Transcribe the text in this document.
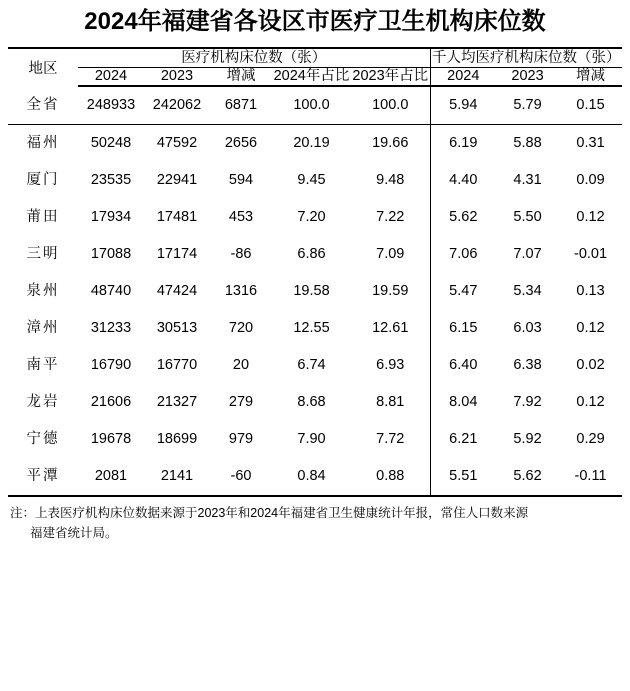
2024年福建省各设区市医疗卫生机构床位数
地区	医疗机构床位数（张）					千人均医疗机构床位数（张）		
	2024	2023	增减	2024年占比	2023年占比	2024	2023	增减
全省	248933	242062	6871	100.0	100.0	5.94	5.79	0.15
福州	50248	47592	2656	20.19	19.66	6.19	5.88	0.31
厦门	23535	22941	594	9.45	9.48	4.40	4.31	0.09
莆田	17934	17481	453	7.20	7.22	5.62	5.50	0.12
三明	17088	17174	-86	6.86	7.09	7.06	7.07	-0.01
泉州	48740	47424	1316	19.58	19.59	5.47	5.34	0.13
漳州	31233	30513	720	12.55	12.61	6.15	6.03	0.12
南平	16790	16770	20	6.74	6.93	6.40	6.38	0.02
龙岩	21606	21327	279	8.68	8.81	8.04	7.92	0.12
宁德	19678	18699	979	7.90	7.72	6.21	5.92	0.29
平潭	2081	2141	-60	0.84	0.88	5.51	5.62	-0.11
注：上表医疗机构床位数据来源于2023年和2024年福建省卫生健康统计年报，常住人口数来源
福建省统计局。
